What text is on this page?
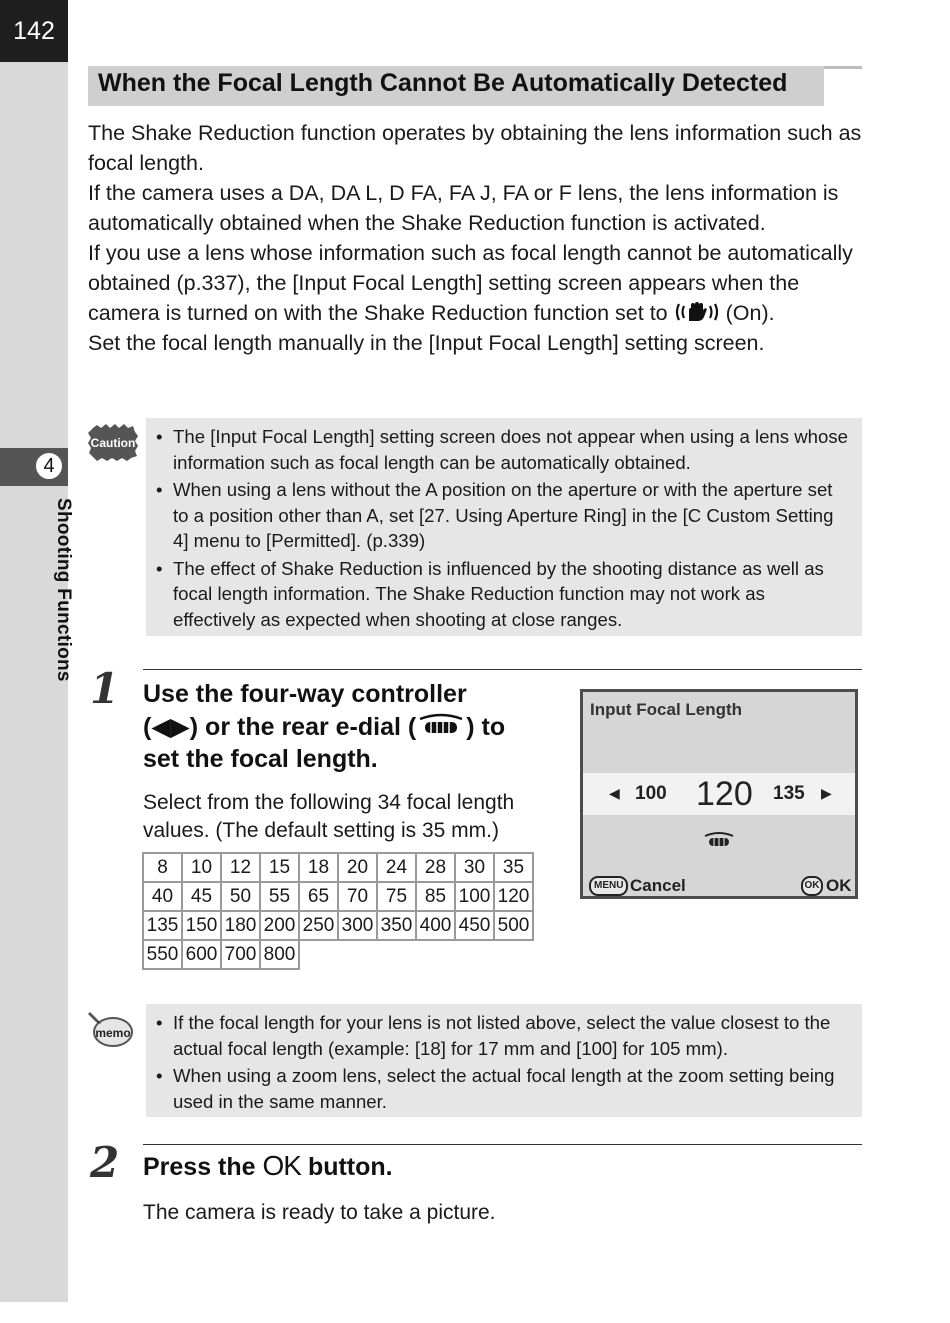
142
4
Shooting Functions
When the Focal Length Cannot Be Automatically Detected

The Shake Reduction function operates by obtaining the lens information such as focal length.

If the camera uses a DA, DA L, D FA, FA J, FA or F lens, the lens information is automatically obtained when the Shake Reduction function is activated.

If you use a lens whose information such as focal length cannot be automatically obtained (p.337), the [Input Focal Length] setting screen appears when the camera is turned on with the Shake Reduction function set to	(On).

Set the focal length manually in the [Input Focal Length] setting screen.

Caution	• The [Input Focal Length] setting screen does not appear when using a lens whose information such as focal length can be automatically obtained.
• When using a lens without the A position on the aperture or with the aperture set to a position other than A, set [27. Using Aperture Ring] in the [C Custom Setting 4] menu to [Permitted]. (p.339)
• The effect of Shake Reduction is influenced by the shooting distance as well as focal length information. The Shake Reduction function may not work as effectively as expected when shooting at close ranges.
1 Use the four-way controller
(◀▶) or the rear e-dial ( ) to
set the focal length.
Select from the following 34 focal length
values. (The default setting is 35 mm.)
8	10	12	15	18	20	24	28	30	35
40	45	50	55	65	70	75	85	100	120
135	150	180	200	250	300	350	400	450	500
550	600	700	800						
Input Focal Length
◀ 100 120 135 ▶
MENU Cancel	OK OK
memo	• If the focal length for your lens is not listed above, select the value closest to the actual focal length (example: [18] for 17 mm and [100] for 105 mm).
• When using a zoom lens, select the actual focal length at the zoom setting being used in the same manner.
2 Press the OK button.
The camera is ready to take a picture.
